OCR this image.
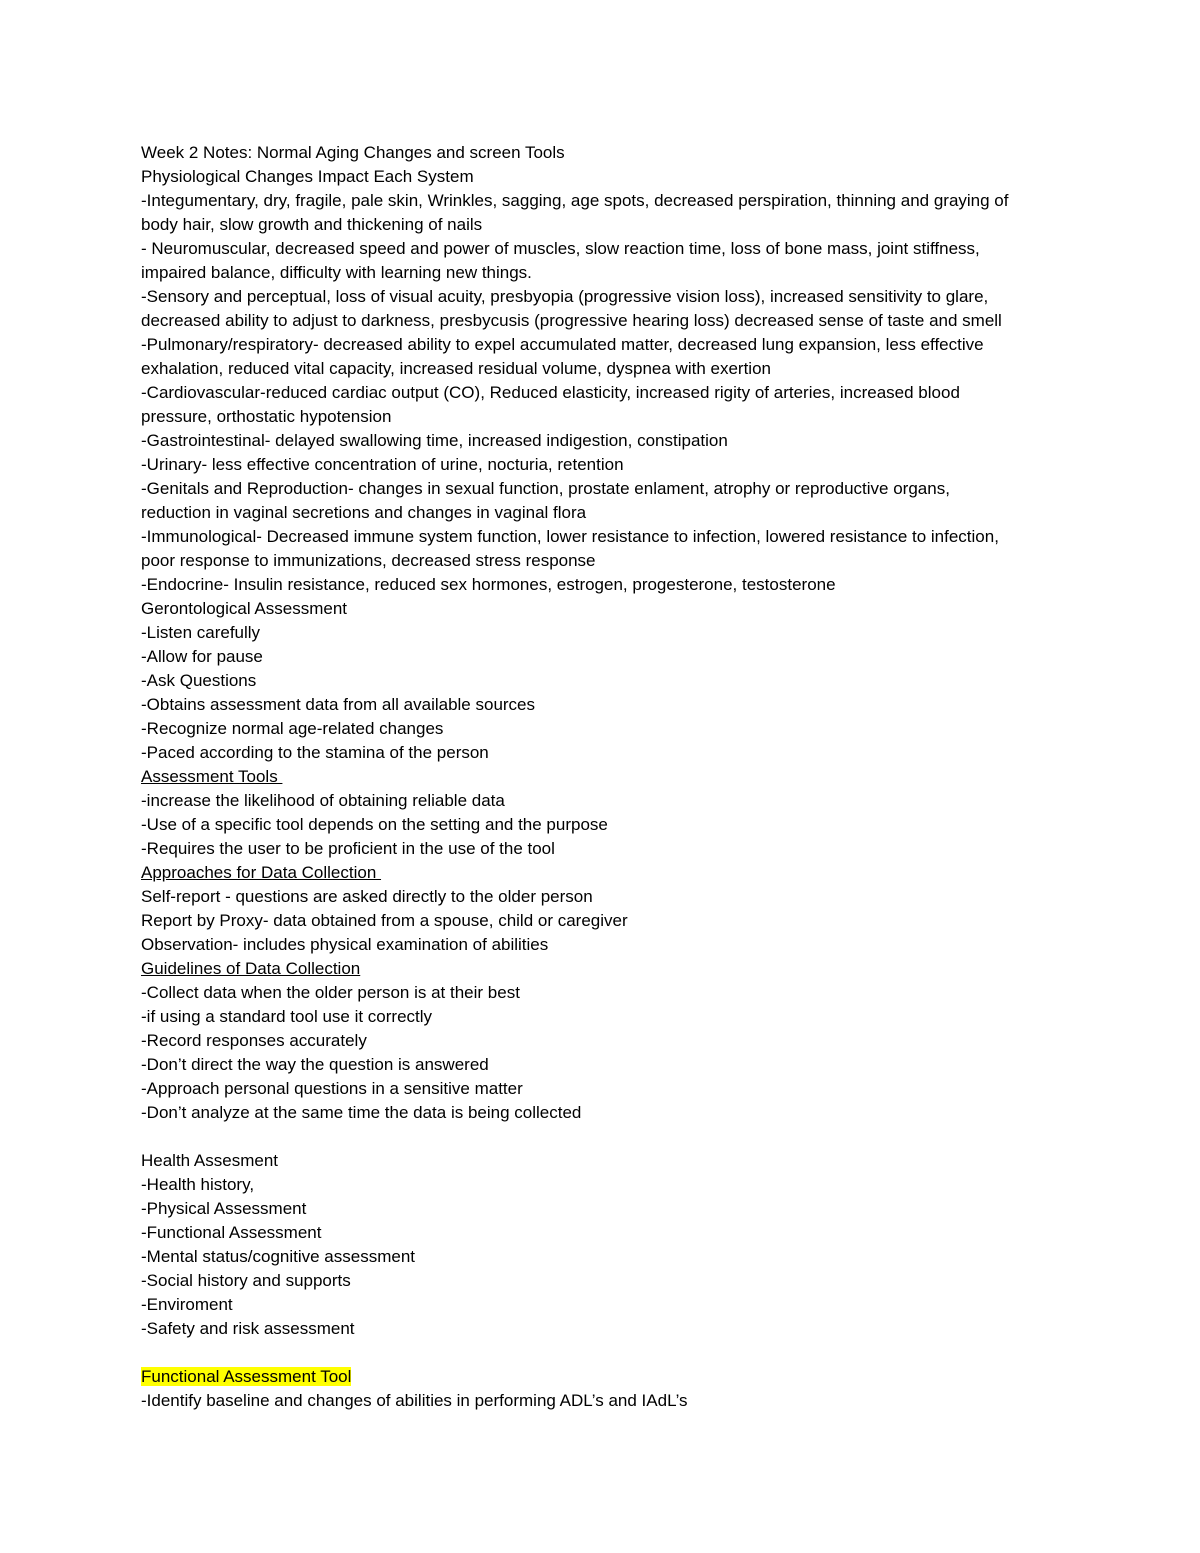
Week 2 Notes: Normal Aging Changes and screen Tools
Physiological Changes Impact Each System
-Integumentary, dry, fragile, pale skin, Wrinkles, sagging, age spots, decreased perspiration, thinning and graying of
body hair, slow growth and thickening of nails
- Neuromuscular, decreased speed and power of muscles, slow reaction time, loss of bone mass, joint stiffness,
impaired balance, difficulty with learning new things.
-Sensory and perceptual, loss of visual acuity, presbyopia (progressive vision loss), increased sensitivity to glare,
decreased ability to adjust to darkness, presbycusis (progressive hearing loss) decreased sense of taste and smell
-Pulmonary/respiratory- decreased ability to expel accumulated matter, decreased lung expansion, less effective
exhalation, reduced vital capacity, increased residual volume, dyspnea with exertion
-Cardiovascular-reduced cardiac output (CO), Reduced elasticity, increased rigity of arteries, increased blood
pressure, orthostatic hypotension
-Gastrointestinal- delayed swallowing time, increased indigestion, constipation
-Urinary- less effective concentration of urine, nocturia, retention
-Genitals and Reproduction- changes in sexual function, prostate enlament, atrophy or reproductive organs,
reduction in vaginal secretions and changes in vaginal flora
-Immunological- Decreased immune system function, lower resistance to infection, lowered resistance to infection,
poor response to immunizations, decreased stress response
-Endocrine- Insulin resistance, reduced sex hormones, estrogen, progesterone, testosterone
Gerontological Assessment
-Listen carefully
-Allow for pause
-Ask Questions
-Obtains assessment data from all available sources
-Recognize normal age-related changes
-Paced according to the stamina of the person
Assessment Tools
-increase the likelihood of obtaining reliable data
-Use of a specific tool depends on the setting and the purpose
-Requires the user to be proficient in the use of the tool
Approaches for Data Collection
Self-report - questions are asked directly to the older person
Report by Proxy- data obtained from a spouse, child or caregiver
Observation- includes physical examination of abilities
Guidelines of Data Collection
-Collect data when the older person is at their best
-if using a standard tool use it correctly
-Record responses accurately
-Don’t direct the way the question is answered
-Approach personal questions in a sensitive matter
-Don’t analyze at the same time the data is being collected
Health Assesment
-Health history,
-Physical Assessment
-Functional Assessment
-Mental status/cognitive assessment
-Social history and supports
-Enviroment
-Safety and risk assessment
Functional Assessment Tool
-Identify baseline and changes of abilities in performing ADL’s and IAdL’s
